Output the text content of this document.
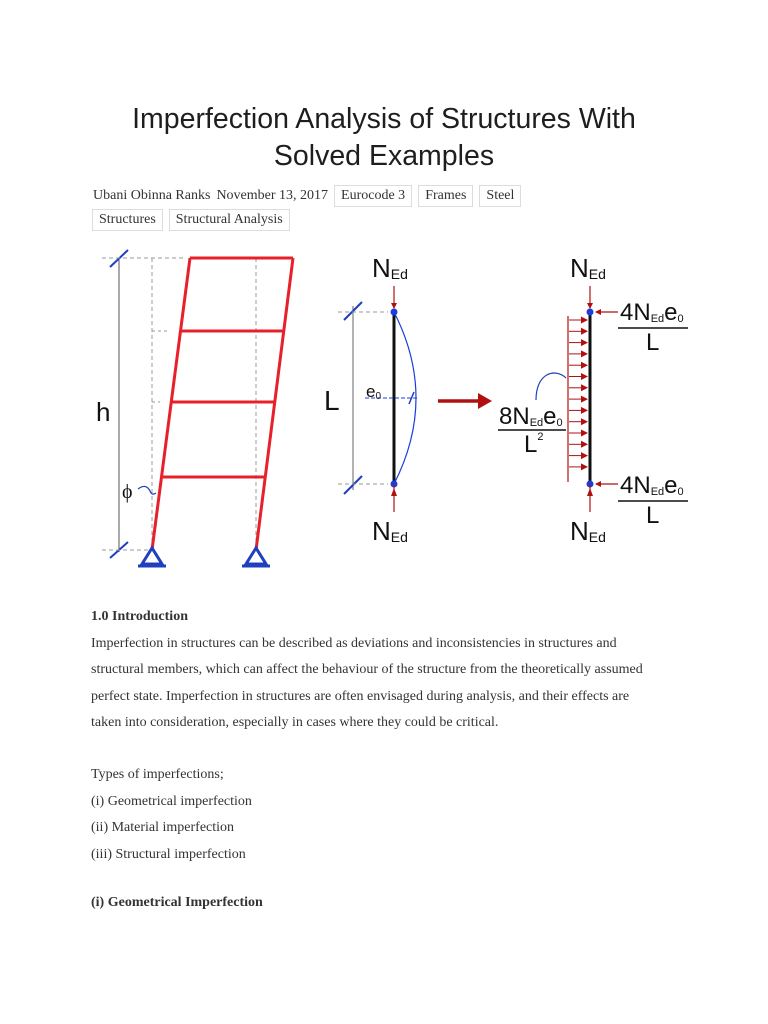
Imperfection Analysis of Structures With
Solved Examples
Ubani Obinna Ranks November 13, 2017 Eurocode 3	Frames	Steel
Structures	Structural Analysis
h
ϕ
NEd
NEd
L e0
NEd
NEd
4NEde0
L
4NEde0
L
8NEde0
$L^2$
1.0 Introduction
Imperfection in structures can be described as deviations and inconsistencies in structures and
structural members, which can affect the behaviour of the structure from the theoretically assumed
perfect state. Imperfection in structures are often envisaged during analysis, and their effects are
taken into consideration, especially in cases where they could be critical.
Types of imperfections;
(i) Geometrical imperfection
(ii) Material imperfection
(iii) Structural imperfection
(i) Geometrical Imperfection
